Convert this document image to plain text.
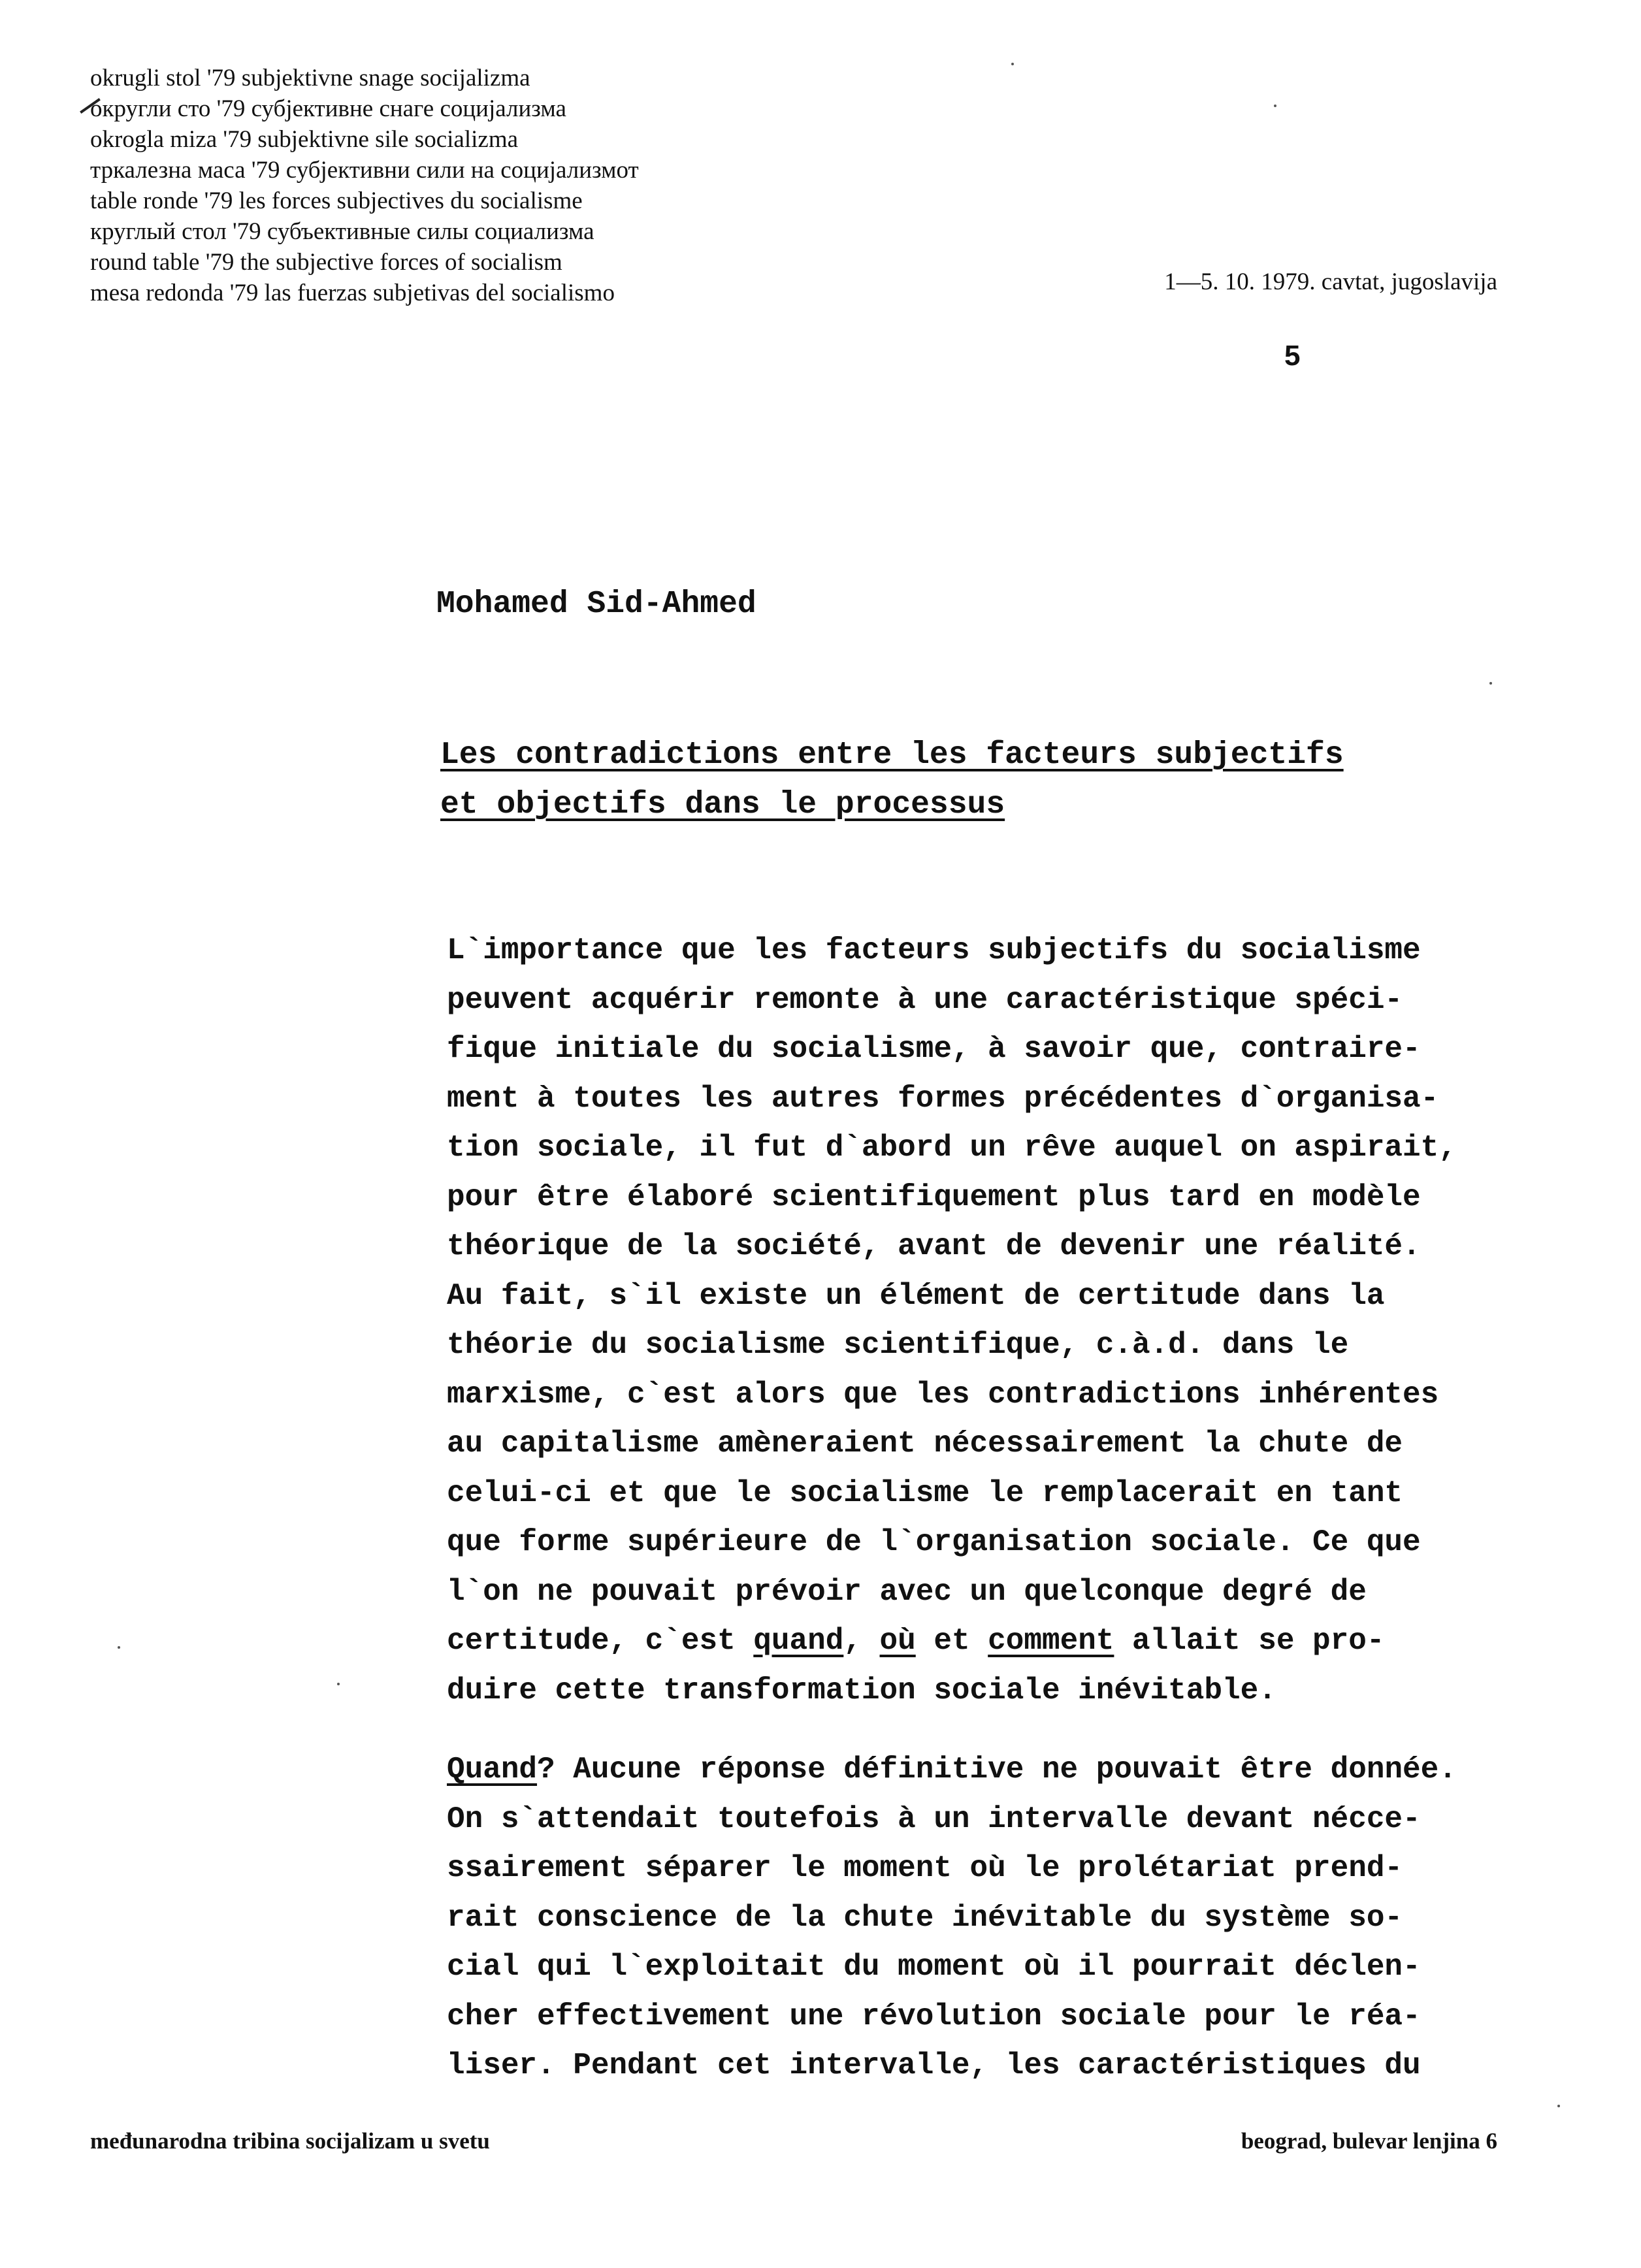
okrugli stol '79 subjektivne snage socijalizma
округли сто '79 субјективне снаге социјализма
okrogla miza '79 subjektivne sile socializma
тркалезна маса '79 субјективни сили на социјализмот
table ronde '79 les forces subjectives du socialisme
круглый стол '79 субъективные силы социализма
round table '79 the subjective forces of socialism
mesa redonda '79 las fuerzas subjetivas del socialismo	1—5. 10. 1979. cavtat, jugoslavija
5
Mohamed Sid-Ahmed
Les contradictions entre les facteurs subjectifs
et objectifs dans le processus
L`importance que les facteurs subjectifs du socialisme
peuvent acquérir remonte à une caractéristique spéci-
fique initiale du socialisme, à savoir que, contraire-
ment à toutes les autres formes précédentes d`organisa-
tion sociale, il fut d`abord un rêve auquel on aspirait,
pour être élaboré scientifiquement plus tard en modèle
théorique de la société, avant de devenir une réalité.
Au fait, s`il existe un élément de certitude dans la
théorie du socialisme scientifique, c.à.d. dans le
marxisme, c`est alors que les contradictions inhérentes
au capitalisme amèneraient nécessairement la chute de
celui-ci et que le socialisme le remplacerait en tant
que forme supérieure de l`organisation sociale. Ce que
l`on ne pouvait prévoir avec un quelconque degré de
certitude, c`est quand, où et comment allait se pro-
duire cette transformation sociale inévitable.
Quand? Aucune réponse définitive ne pouvait être donnée.
On s`attendait toutefois à un intervalle devant nécce-
ssairement séparer le moment où le prolétariat prend-
rait conscience de la chute inévitable du système so-
cial qui l`exploitait du moment où il pourrait déclen-
cher effectivement une révolution sociale pour le réa-
liser. Pendant cet intervalle, les caractéristiques du
međunarodna tribina socijalizam u svetu	beograd, bulevar lenjina 6
